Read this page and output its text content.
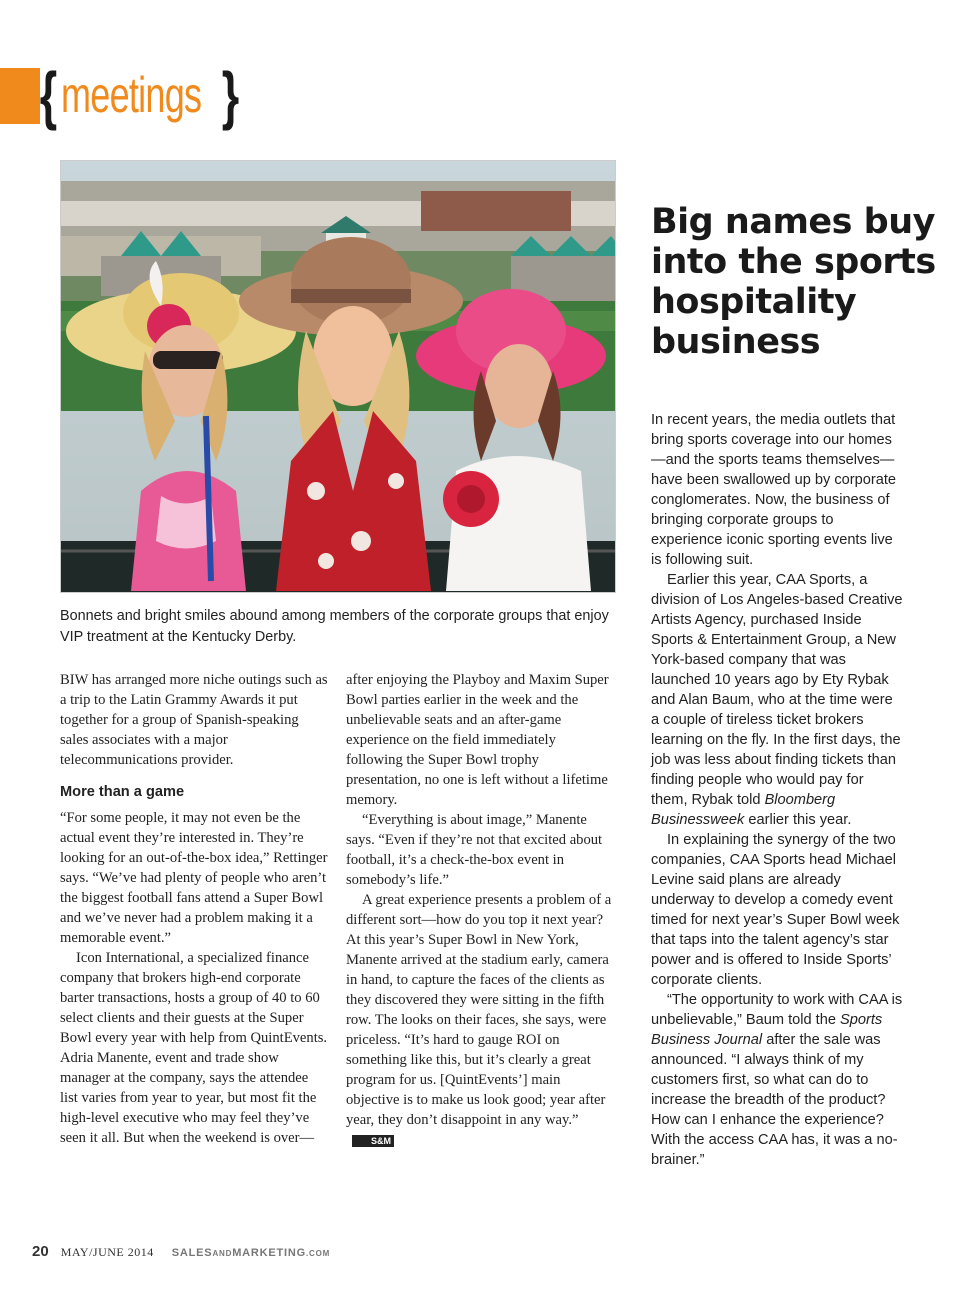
{ meetings }
Bonnets and bright smiles abound among members of the corporate groups that enjoy VIP treatment at the Kentucky Derby.

BIW has arranged more niche outings such as a trip to the Latin Grammy Awards it put together for a group of Spanish-speaking sales associates with a major telecommunications provider.

More than a game

“For some people, it may not even be the actual event they’re interested in. They’re looking for an out-of-the-box idea,” Rettinger says. “We’ve had plenty of people who aren’t the biggest football fans attend a Super Bowl and we’ve never had a problem making it a memorable event.”

Icon International, a specialized finance company that brokers high-end corporate barter transactions, hosts a group of 40 to 60 select clients and their guests at the Super Bowl every year with help from QuintEvents. Adria Manente, event and trade show manager at the company, says the attendee list varies from year to year, but most fit the high-level executive who may feel they’ve seen it all. But when the weekend is over—

after enjoying the Playboy and Maxim Super Bowl parties earlier in the week and the unbelievable seats and an after-game experience on the field immediately following the Super Bowl trophy presentation, no one is left without a lifetime memory.

“Everything is about image,” Manente says. “Even if they’re not that excited about football, it’s a check-the-box event in somebody’s life.”

A great experience presents a problem of a different sort—how do you top it next year? At this year’s Super Bowl in New York, Manente arrived at the stadium early, camera in hand, to capture the faces of the clients as they discovered they were sitting in the fifth row. The looks on their faces, she says, were priceless. “It’s hard to gauge ROI on something like this, but it’s clearly a great program for us. [QuintEvents’] main objective is to make us look good; year after year, they don’t disappoint in any way.”S&M

Big names buy into the sports hospitality business

In recent years, the media outlets that bring sports coverage into our homes—and the sports teams themselves—have been swallowed up by corporate conglomerates. Now, the business of bringing corporate groups to experience iconic sporting events live is following suit.

Earlier this year, CAA Sports, a division of Los Angeles-based Creative Artists Agency, purchased Inside Sports & Entertainment Group, a New York-based company that was launched 10 years ago by Ety Rybak and Alan Baum, who at the time were a couple of tireless ticket brokers learning on the fly. In the first days, the job was less about finding tickets than finding people who would pay for them, Rybak told Bloomberg Businessweek earlier this year.

In explaining the synergy of the two companies, CAA Sports head Michael Levine said plans are already underway to develop a comedy event timed for next year’s Super Bowl week that taps into the talent agency’s star power and is offered to Inside Sports’ corporate clients.

“The opportunity to work with CAA is unbelievable,” Baum told the Sports Business Journal after the sale was announced. “I always think of my customers first, so what can do to increase the breadth of the product? How can I enhance the experience? With the access CAA has, it was a no-brainer.”

20 MAY/JUNE 2014 SALESANDMARKETING.COM
